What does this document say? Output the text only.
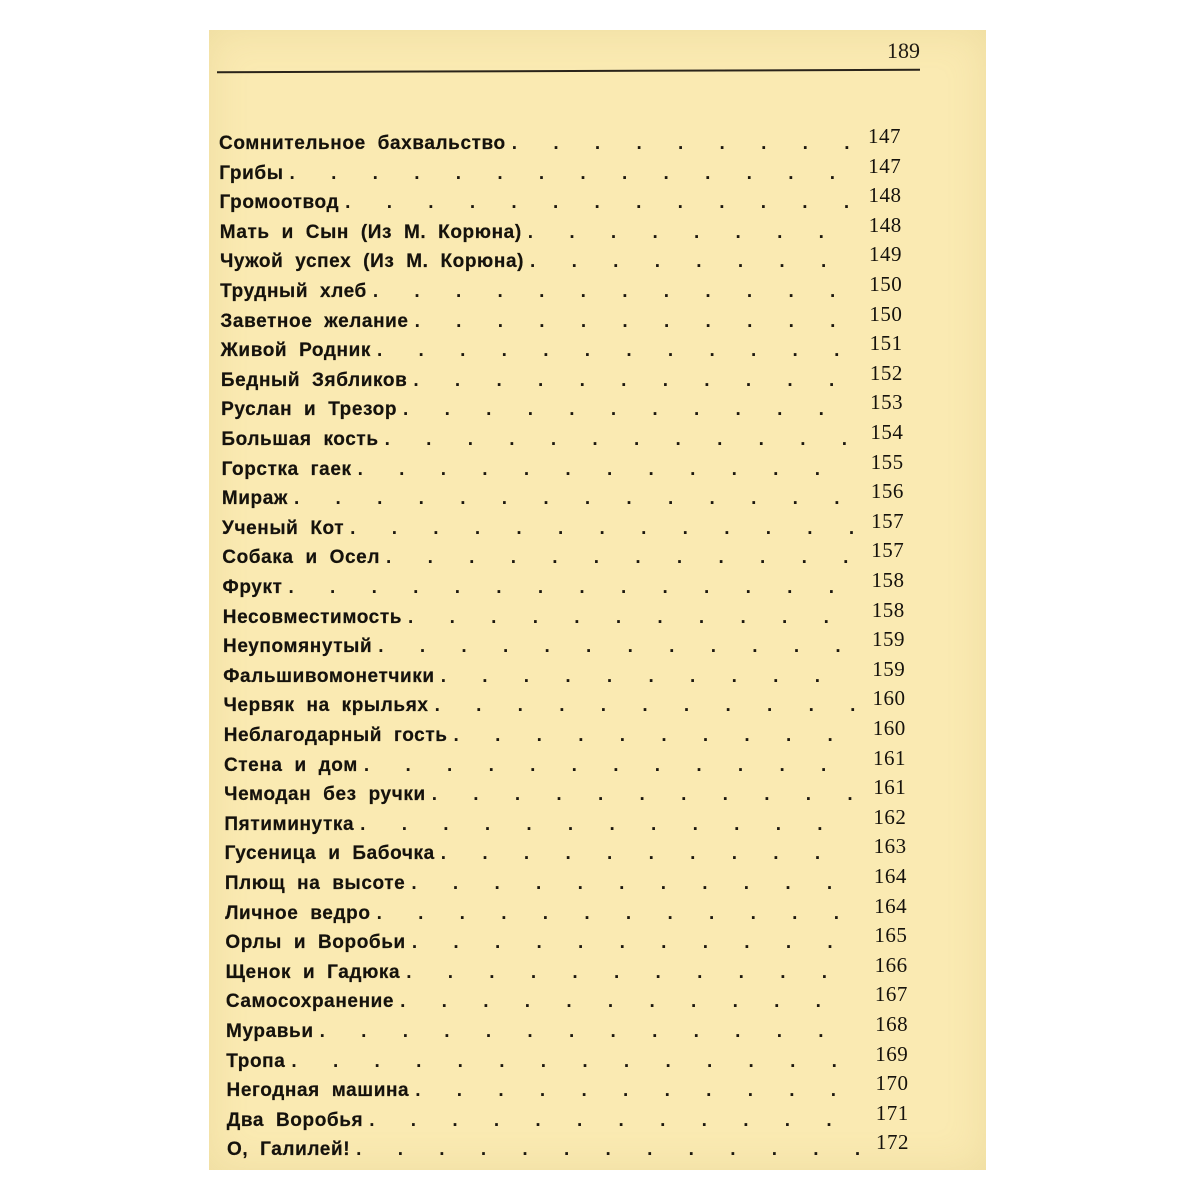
189
Сомнительное бахвальство . . .	147
Грибы . . .	147
Громоотвод . . .	148
Мать и Сын (Из М. Корюна) . . .	148
Чужой успех (Из М. Корюна) . . .	149
Трудный хлеб . . .	150
Заветное желание . . .	150
Живой Родник . . .	151
Бедный Зябликов . . .	152
Руслан и Трезор . . .	153
Большая кость . . .	154
Горстка гаек . . .	155
Мираж . . .	156
Ученый Кот . . .	157
Собака и Осел . . .	157
Фрукт . . .	158
Несовместимость . . .	158
Неупомянутый . . .	159
Фальшивомонетчики . . .	159
Червяк на крыльях . . .	160
Неблагодарный гость . . .	160
Стена и дом . . .	161
Чемодан без ручки . . .	161
Пятиминутка . . .	162
Гусеница и Бабочка . . .	163
Плющ на высоте . . .	164
Личное ведро . . .	164
Орлы и Воробьи . . .	165
Щенок и Гадюка . . .	166
Самосохранение . . .	167
Муравьи . . .	168
Тропа . . .	169
Негодная машина . . .	170
Два Воробья . . .	171
О, Галилей! . . .	172
